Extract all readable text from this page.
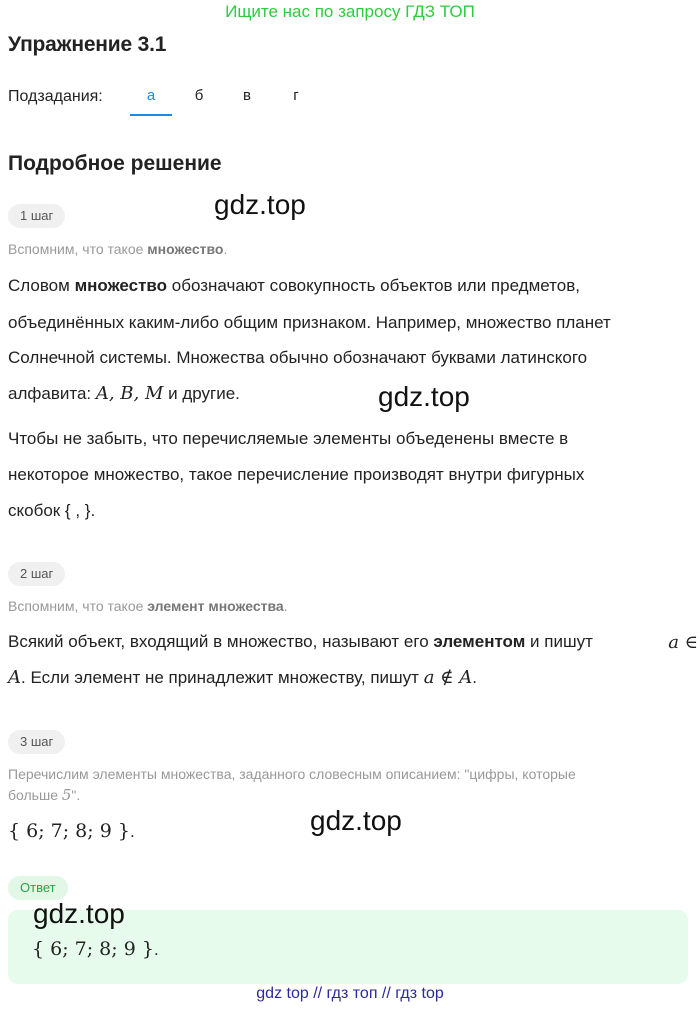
Ищите нас по запросу ГДЗ ТОП
Упражнение 3.1
Подзадания:	а	б	в	г
Подробное решение
1 шаг	gdz.top
Вспомним, что такое множество.
Словом множество обозначают совокупность объектов или предметов,
объединённых каким-либо общим признаком. Например, множество планет
Солнечной системы. Множества обычно обозначают буквами латинского
алфавита: A, B, M и другие.	gdz.top
Чтобы не забыть, что перечисляемые элементы объеденены вместе в
некоторое множество, такое перечисление производят внутри фигурных
скобок { , }.
2 шаг
Вспомним, что такое элемент множества.
Всякий объект, входящий в множество, называют его элементом и пишут	a ∈
A. Если элемент не принадлежит множеству, пишут a ∉ A.
3 шаг
Перечислим элементы множества, заданного словесным описанием: "цифры, которые
больше 5".
{ 6; 7; 8; 9 }.	gdz.top
Ответ
gdz.top
{ 6; 7; 8; 9 }.
gdz top // гдз топ // гдз top
